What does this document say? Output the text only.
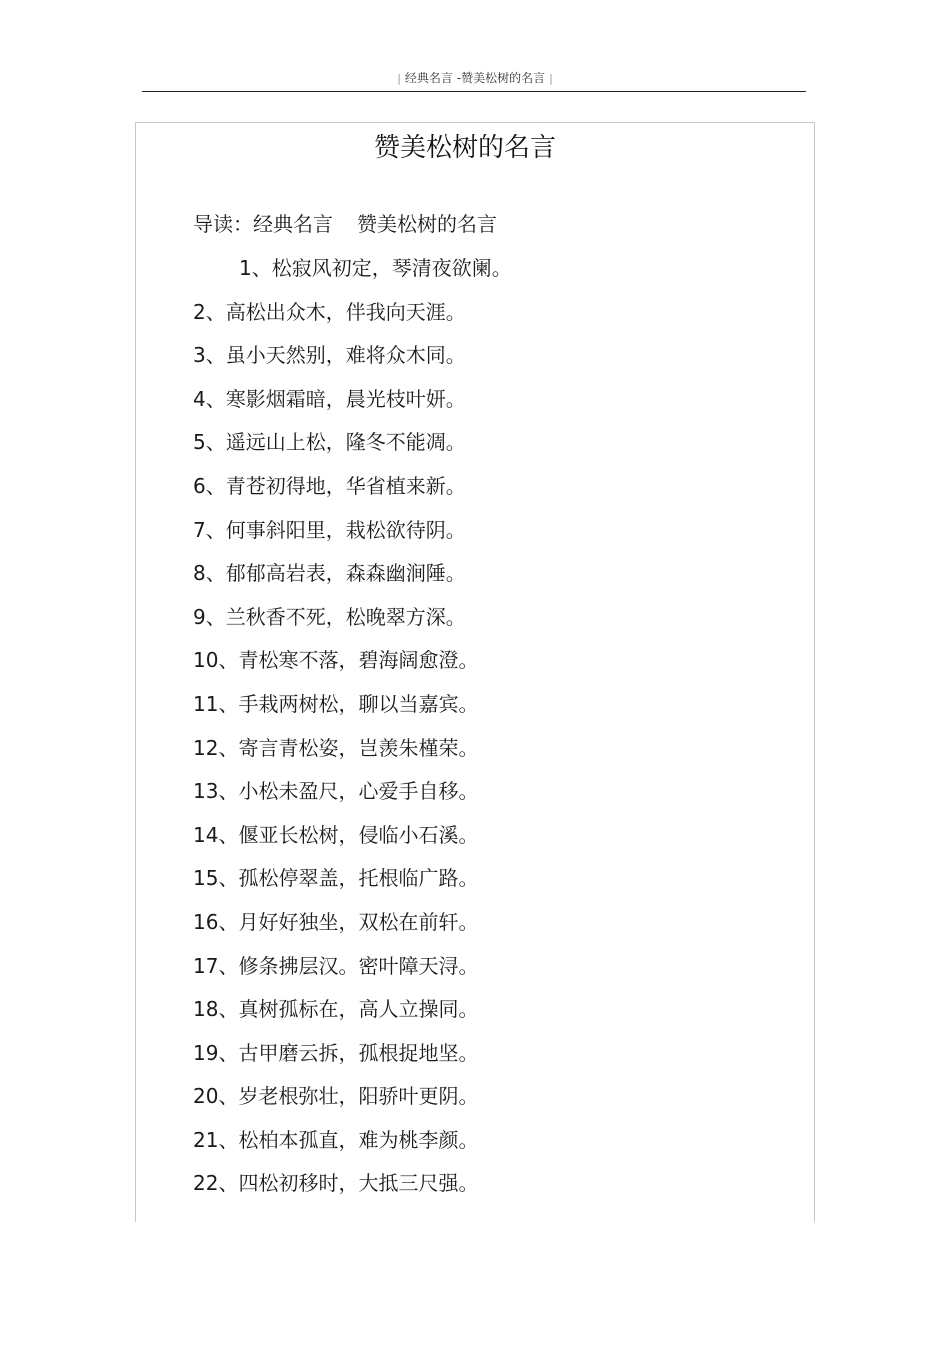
| 经典名言 -赞美松树的名言 |
赞美松树的名言
导读：经典名言 赞美松树的名言
1、松寂风初定，琴清夜欲阑。
2、高松出众木，伴我向天涯。
3、虽小天然别，难将众木同。
4、寒影烟霜暗，晨光枝叶妍。
5、遥远山上松，隆冬不能凋。
6、青苍初得地，华省植来新。
7、何事斜阳里，栽松欲待阴。
8、郁郁高岩表，森森幽涧陲。
9、兰秋香不死，松晚翠方深。
10、青松寒不落，碧海阔愈澄。
11、手栽两树松，聊以当嘉宾。
12、寄言青松姿，岂羡朱槿荣。
13、小松未盈尺，心爱手自移。
14、偃亚长松树，侵临小石溪。
15、孤松停翠盖，托根临广路。
16、月好好独坐，双松在前轩。
17、修条拂层汉。密叶障天浔。
18、真树孤标在，高人立操同。
19、古甲磨云拆，孤根捉地坚。
20、岁老根弥壮，阳骄叶更阴。
21、松柏本孤直，难为桃李颜。
22、四松初移时，大抵三尺强。
